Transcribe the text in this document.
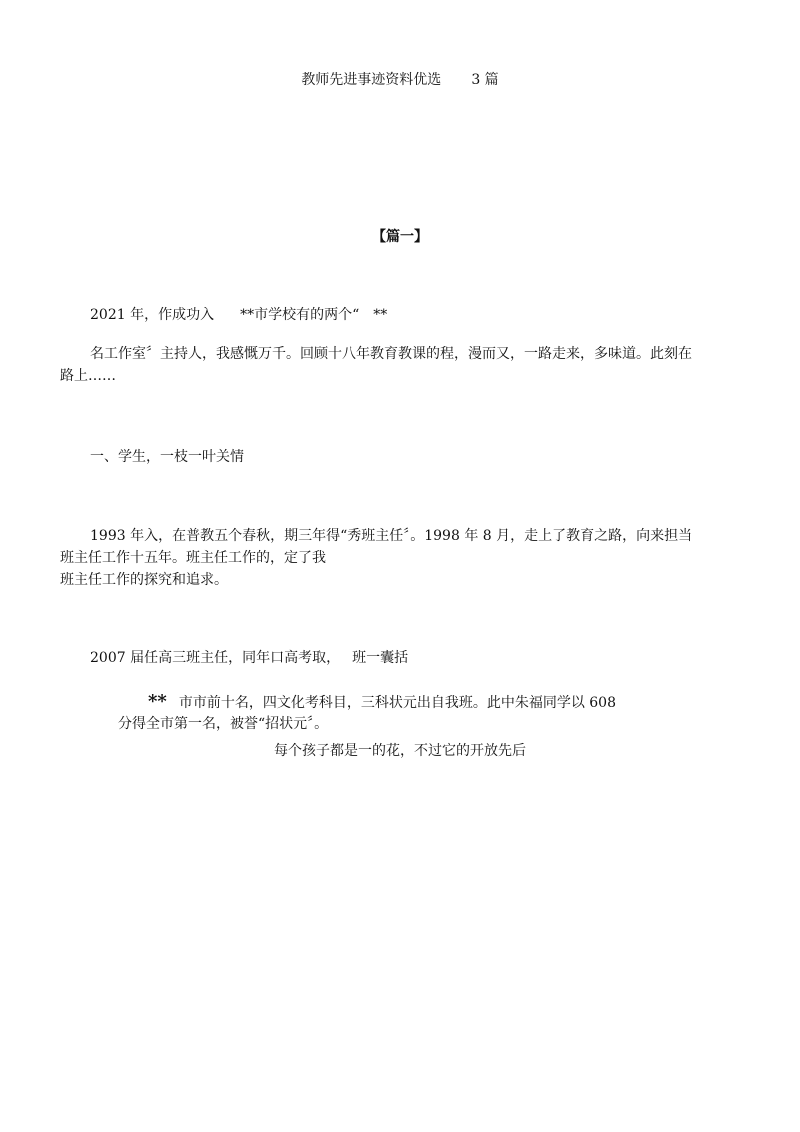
教师先进事迹资料优选 3 篇
【篇一】
2021 年，作成功入 **市学校有的两个“ **
名工作室〞主持人，我感慨万千。回顾十八年教育教课的程，漫而又，一路走来，多味道。此刻在
路上……
一、学生，一枝一叶关情
1993 年入，在普教五个春秋，期三年得“秀班主任〞。1998 年 8 月，走上了教育之路，向来担当
班主任工作十五年。班主任工作的，定了我
班主任工作的探究和追求。
2007 届任高三班主任，同年口高考取， 班一囊括
** 市市前十名，四文化考科目，三科状元出自我班。此中朱福同学以 608
分得全市第一名，被誉“招状元〞。
每个孩子都是一的花，不过它的开放先后
